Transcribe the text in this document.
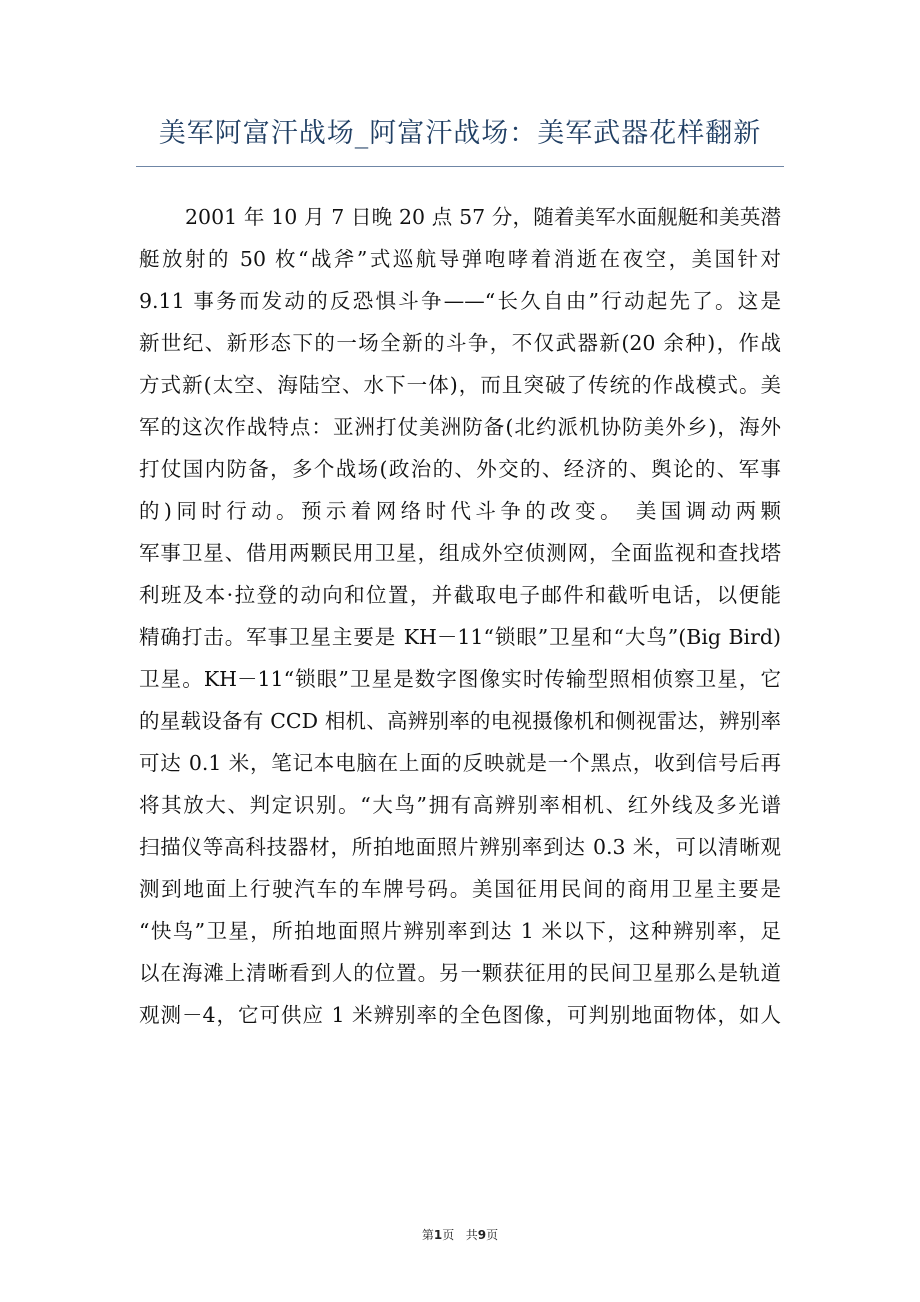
美军阿富汗战场_阿富汗战场：美军武器花样翻新
2001 年 10 月 7 日晚 20 点 57 分，随着美军水面舰艇和美英潜
艇放射的 50 枚“战斧”式巡航导弹咆哮着消逝在夜空，美国针对
9.11 事务而发动的反恐惧斗争——“长久自由”行动起先了。这是
新世纪、新形态下的一场全新的斗争，不仅武器新(20 余种)，作战
方式新(太空、海陆空、水下一体)，而且突破了传统的作战模式。美
军的这次作战特点：亚洲打仗美洲防备(北约派机协防美外乡)，海外
打仗国内防备，多个战场(政治的、外交的、经济的、舆论的、军事
的)同时行动。预示着网络时代斗争的改变。 美国调动两颗
军事卫星、借用两颗民用卫星，组成外空侦测网，全面监视和查找塔
利班及本·拉登的动向和位置，并截取电子邮件和截听电话，以便能
精确打击。军事卫星主要是 KH－11“锁眼”卫星和“大鸟”(Big Bird)
卫星。KH－11“锁眼”卫星是数字图像实时传输型照相侦察卫星，它
的星载设备有 CCD 相机、高辨别率的电视摄像机和侧视雷达，辨别率
可达 0.1 米，笔记本电脑在上面的反映就是一个黑点，收到信号后再
将其放大、判定识别。“大鸟”拥有高辨别率相机、红外线及多光谱
扫描仪等高科技器材，所拍地面照片辨别率到达 0.3 米，可以清晰观
测到地面上行驶汽车的车牌号码。美国征用民间的商用卫星主要是
“快鸟”卫星，所拍地面照片辨别率到达 1 米以下，这种辨别率，足
以在海滩上清晰看到人的位置。另一颗获征用的民间卫星那么是轨道
观测－4，它可供应 1 米辨别率的全色图像，可判别地面物体，如人
第1页 共9页
